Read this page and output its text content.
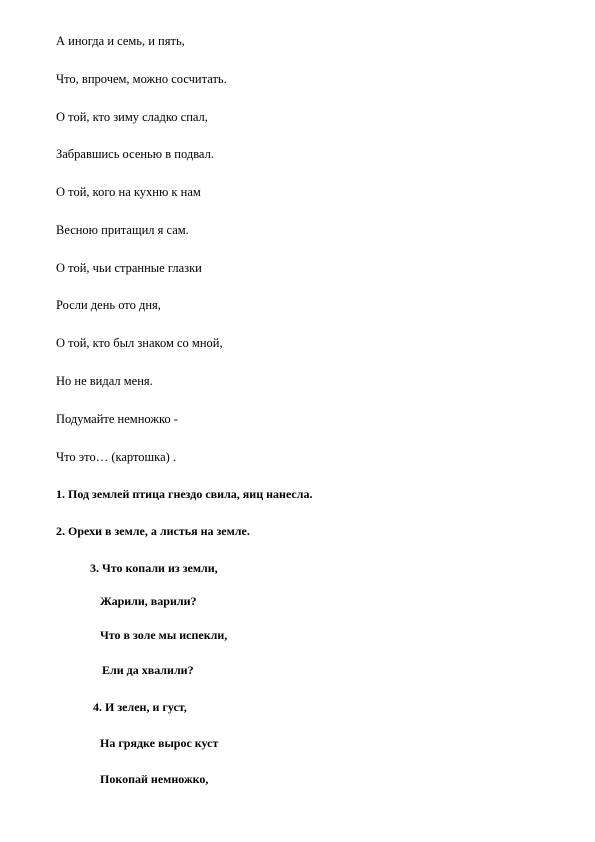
А иногда и семь, и пять,
Что, впрочем, можно сосчитать.
О той, кто зиму сладко спал,
Забравшись осенью в подвал.
О той, кого на кухню к нам
Весною притащил я сам.
О той, чьи странные глазки
Росли день ото дня,
О той, кто был знаком со мной,
Но не видал меня.
Подумайте немножко -
Что это… (картошка) .
1. Под землей птица гнездо свила, яиц нанесла.
2. Орехи в земле, а листья на земле.
3. Что копали из земли,
Жарили, варили?
Что в золе мы испекли,
Ели да хвалили?
4. И зелен, и густ,
На грядке вырос куст
Покопай немножко,
